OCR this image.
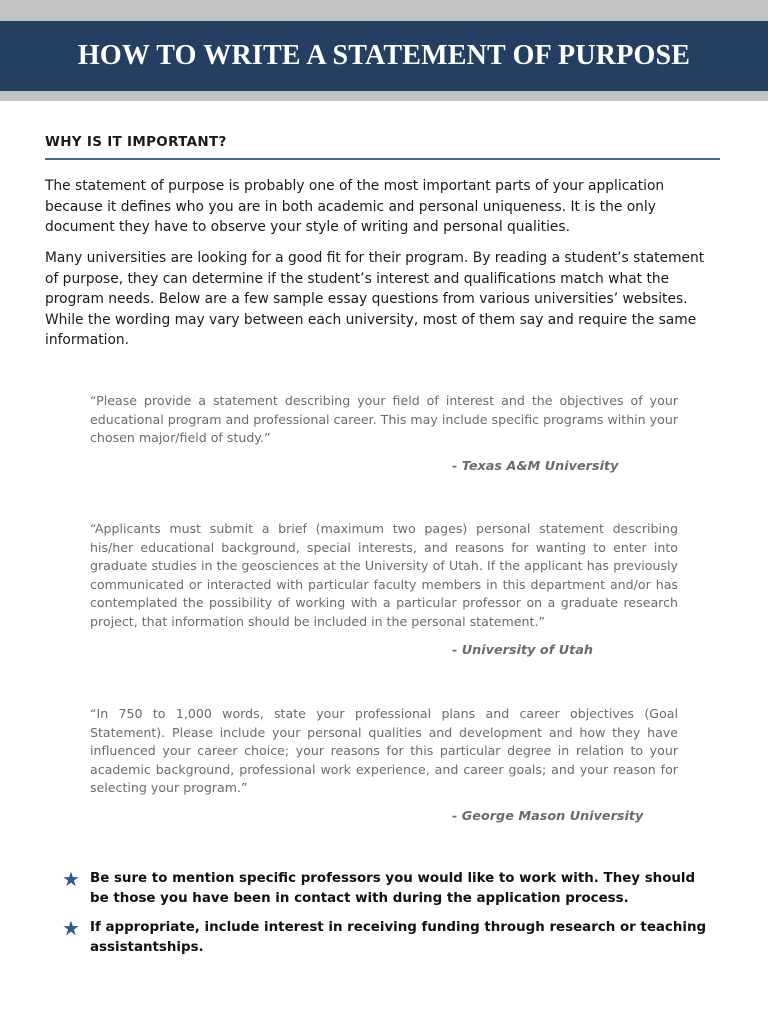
HOW TO WRITE A STATEMENT OF PURPOSE
WHY IS IT IMPORTANT?

The statement of purpose is probably one of the most important parts of your application because it defines who you are in both academic and personal uniqueness. It is the only document they have to observe your style of writing and personal qualities.

Many universities are looking for a good fit for their program. By reading a student’s statement of purpose, they can determine if the student’s interest and qualifications match what the program needs. Below are a few sample essay questions from various universities’ websites. While the wording may vary between each university, most of them say and require the same information.

“Please provide a statement describing your field of interest and the objectives of your educational program and professional career. This may include specific programs within your chosen major/field of study.”

- Texas A&M University

“Applicants must submit a brief (maximum two pages) personal statement describing his/her educational background, special interests, and reasons for wanting to enter into graduate studies in the geosciences at the University of Utah. If the applicant has previously communicated or interacted with particular faculty members in this department and/or has contemplated the possibility of working with a particular professor on a graduate research project, that information should be included in the personal statement.”

- University of Utah

“In 750 to 1,000 words, state your professional plans and career objectives (Goal Statement). Please include your personal qualities and development and how they have influenced your career choice; your reasons for this particular degree in relation to your academic background, professional work experience, and career goals; and your reason for selecting your program.”

- George Mason University
★ Be sure to mention specific professors you would like to work with. They should be those you have been in contact with during the application process.
★ If appropriate, include interest in receiving funding through research or teaching assistantships.
